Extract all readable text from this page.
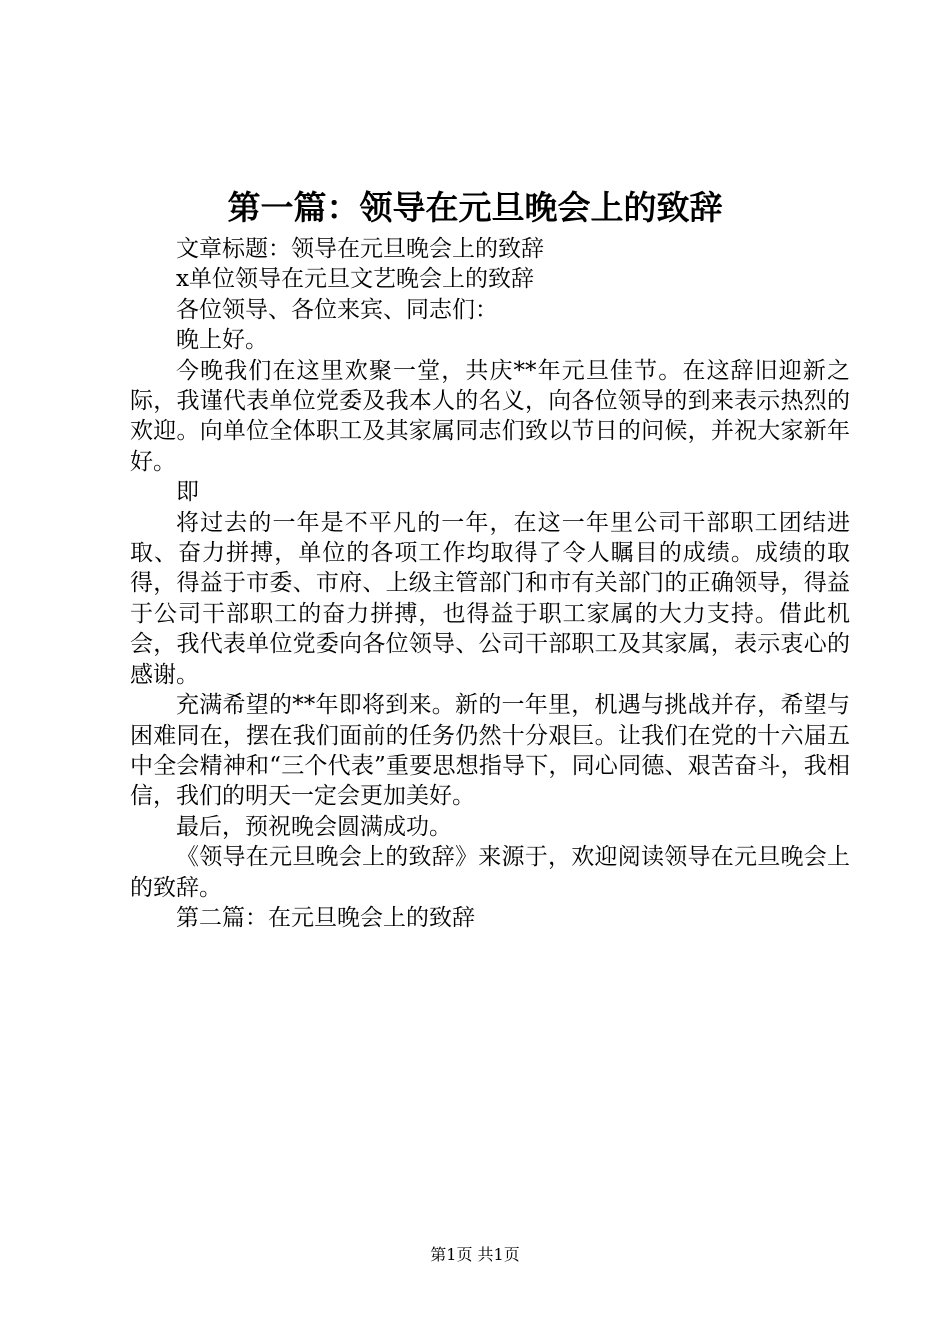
第一篇：领导在元旦晚会上的致辞

文章标题：领导在元旦晚会上的致辞

x单位领导在元旦文艺晚会上的致辞

各位领导、各位来宾、同志们：

晚上好。

今晚我们在这里欢聚一堂，共庆**年元旦佳节。在这辞旧迎新之际，我谨代表单位党委及我本人的名义，向各位领导的到来表示热烈的欢迎。向单位全体职工及其家属同志们致以节日的问候，并祝大家新年好。

即

将过去的一年是不平凡的一年，在这一年里公司干部职工团结进取、奋力拼搏，单位的各项工作均取得了令人瞩目的成绩。成绩的取得，得益于市委、市府、上级主管部门和市有关部门的正确领导，得益于公司干部职工的奋力拼搏，也得益于职工家属的大力支持。借此机会，我代表单位党委向各位领导、公司干部职工及其家属，表示衷心的感谢。

充满希望的**年即将到来。新的一年里，机遇与挑战并存，希望与困难同在，摆在我们面前的任务仍然十分艰巨。让我们在党的十六届五中全会精神和“三个代表”重要思想指导下，同心同德、艰苦奋斗，我相信，我们的明天一定会更加美好。

最后，预祝晚会圆满成功。

《领导在元旦晚会上的致辞》来源于，欢迎阅读领导在元旦晚会上的致辞。

第二篇：在元旦晚会上的致辞

第1页 共1页
